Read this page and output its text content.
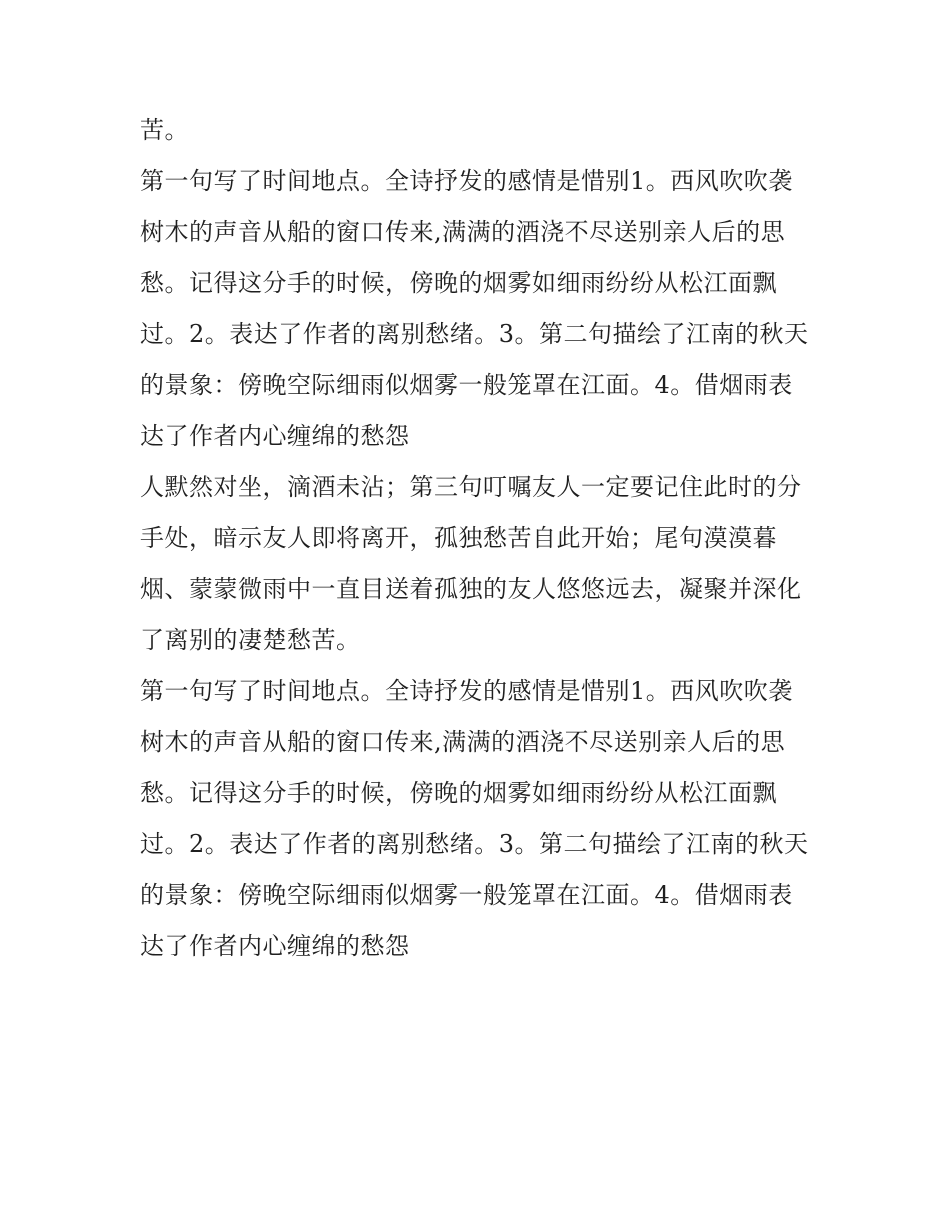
苦。
第一句写了时间地点。全诗抒发的感情是惜别1。西风吹吹袭
树木的声音从船的窗口传来,满满的酒浇不尽送别亲人后的思
愁。记得这分手的时候，傍晚的烟雾如细雨纷纷从松江面飘
过。2。表达了作者的离别愁绪。3。第二句描绘了江南的秋天
的景象：傍晚空际细雨似烟雾一般笼罩在江面。4。借烟雨表
达了作者内心缠绵的愁怨
人默然对坐，滴酒未沾；第三句叮嘱友人一定要记住此时的分
手处，暗示友人即将离开，孤独愁苦自此开始；尾句漠漠暮
烟、蒙蒙微雨中一直目送着孤独的友人悠悠远去，凝聚并深化
了离别的凄楚愁苦。
第一句写了时间地点。全诗抒发的感情是惜别1。西风吹吹袭
树木的声音从船的窗口传来,满满的酒浇不尽送别亲人后的思
愁。记得这分手的时候，傍晚的烟雾如细雨纷纷从松江面飘
过。2。表达了作者的离别愁绪。3。第二句描绘了江南的秋天
的景象：傍晚空际细雨似烟雾一般笼罩在江面。4。借烟雨表
达了作者内心缠绵的愁怨
